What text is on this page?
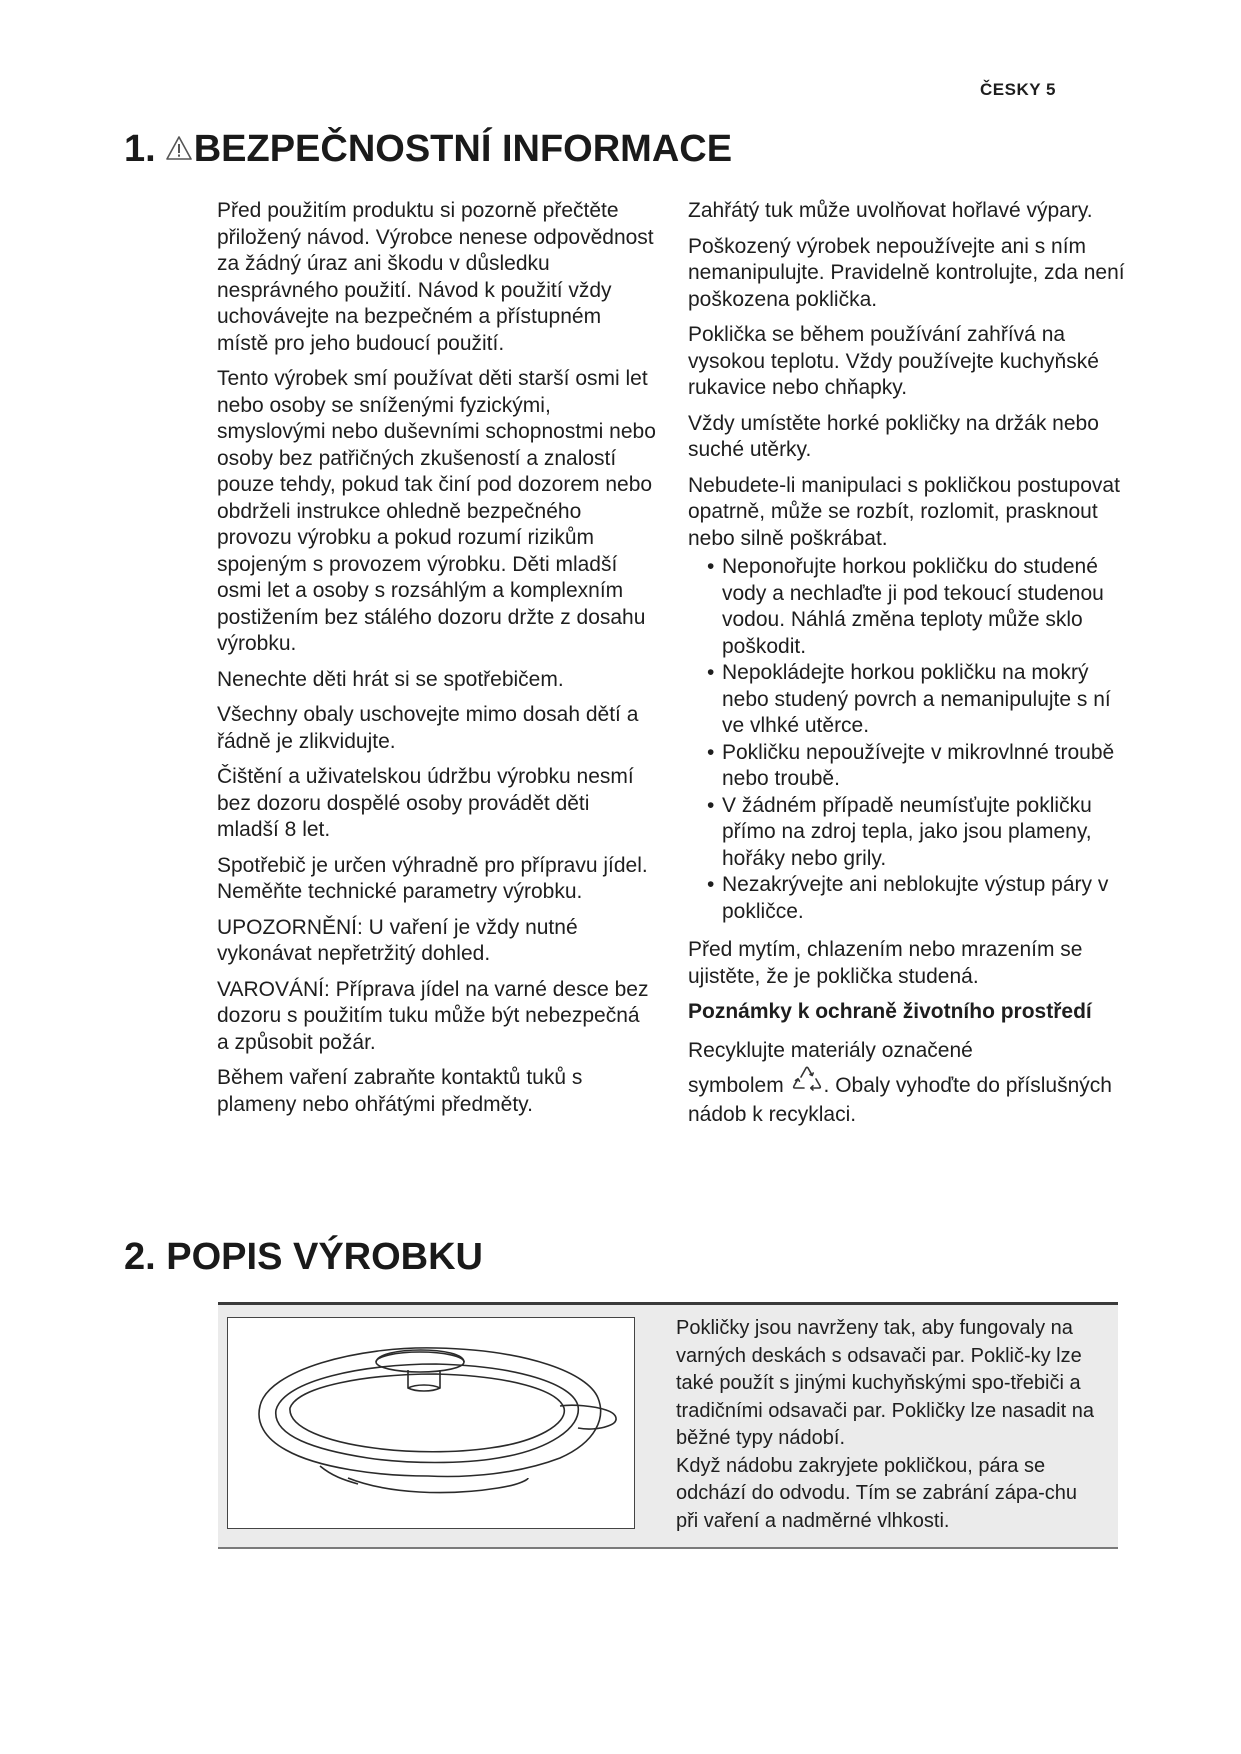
ČESKY 5
1. BEZPEČNOSTNÍ INFORMACE

Před použitím produktu si pozorně přečtěte přiložený návod. Výrobce nenese odpovědnost za žádný úraz ani škodu v důsledku nesprávného použití. Návod k použití vždy uchovávejte na bezpečném a přístupném místě pro jeho budoucí použití.

Tento výrobek smí používat děti starší osmi let nebo osoby se sníženými fyzickými, smyslovými nebo duševními schopnostmi nebo osoby bez patřičných zkušeností a znalostí pouze tehdy, pokud tak činí pod dozorem nebo obdrželi instrukce ohledně bezpečného provozu výrobku a pokud rozumí rizikům spojeným s provozem výrobku. Děti mladší osmi let a osoby s rozsáhlým a komplexním postižením bez stálého dozoru držte z dosahu výrobku.

Nenechte děti hrát si se spotřebičem.

Všechny obaly uschovejte mimo dosah dětí a řádně je zlikvidujte.

Čištění a uživatelskou údržbu výrobku nesmí bez dozoru dospělé osoby provádět děti mladší 8 let.

Spotřebič je určen výhradně pro přípravu jídel. Neměňte technické parametry výrobku.

UPOZORNĚNÍ: U vaření je vždy nutné vykonávat nepřetržitý dohled.

VAROVÁNÍ: Příprava jídel na varné desce bez dozoru s použitím tuku může být nebezpečná a způsobit požár.

Během vaření zabraňte kontaktů tuků s plameny nebo ohřátými předměty.

Zahřátý tuk může uvolňovat hořlavé výpary.

Poškozený výrobek nepoužívejte ani s ním nemanipulujte. Pravidelně kontrolujte, zda není poškozena poklička.

Poklička se během používání zahřívá na vysokou teplotu. Vždy používejte kuchyňské rukavice nebo chňapky.

Vždy umístěte horké pokličky na držák nebo suché utěrky.

Nebudete-li manipulaci s pokličkou postupovat opatrně, může se rozbít, rozlomit, prasknout nebo silně poškrábat.

• Neponořujte horkou pokličku do studené vody a nechlaďte ji pod tekoucí studenou vodou. Náhlá změna teploty může sklo poškodit.
• Nepokládejte horkou pokličku na mokrý nebo studený povrch a nemanipulujte s ní ve vlhké utěrce.
• Pokličku nepoužívejte v mikrovlnné troubě nebo troubě.
• V žádném případě neumísťujte pokličku přímo na zdroj tepla, jako jsou plameny, hořáky nebo grily.
• Nezakrývejte ani neblokujte výstup páry v pokličce.

Před mytím, chlazením nebo mrazením se ujistěte, že je poklička studená.

Poznámky k ochraně životního prostředí

Recyklujte materiály označené
symbolem . Obaly vyhoďte do příslušných nádob k recyklaci.

2. POPIS VÝROBKU
Pokličky jsou navrženy tak, aby fungovaly na varných deskách s odsavači par. Poklič-ky lze také použít s jinými kuchyňskými spo-třebiči a tradičními odsavači par. Pokličky lze nasadit na běžné typy nádobí.
Když nádobu zakryjete pokličkou, pára se odchází do odvodu. Tím se zabrání zápa-chu při vaření a nadměrné vlhkosti.
